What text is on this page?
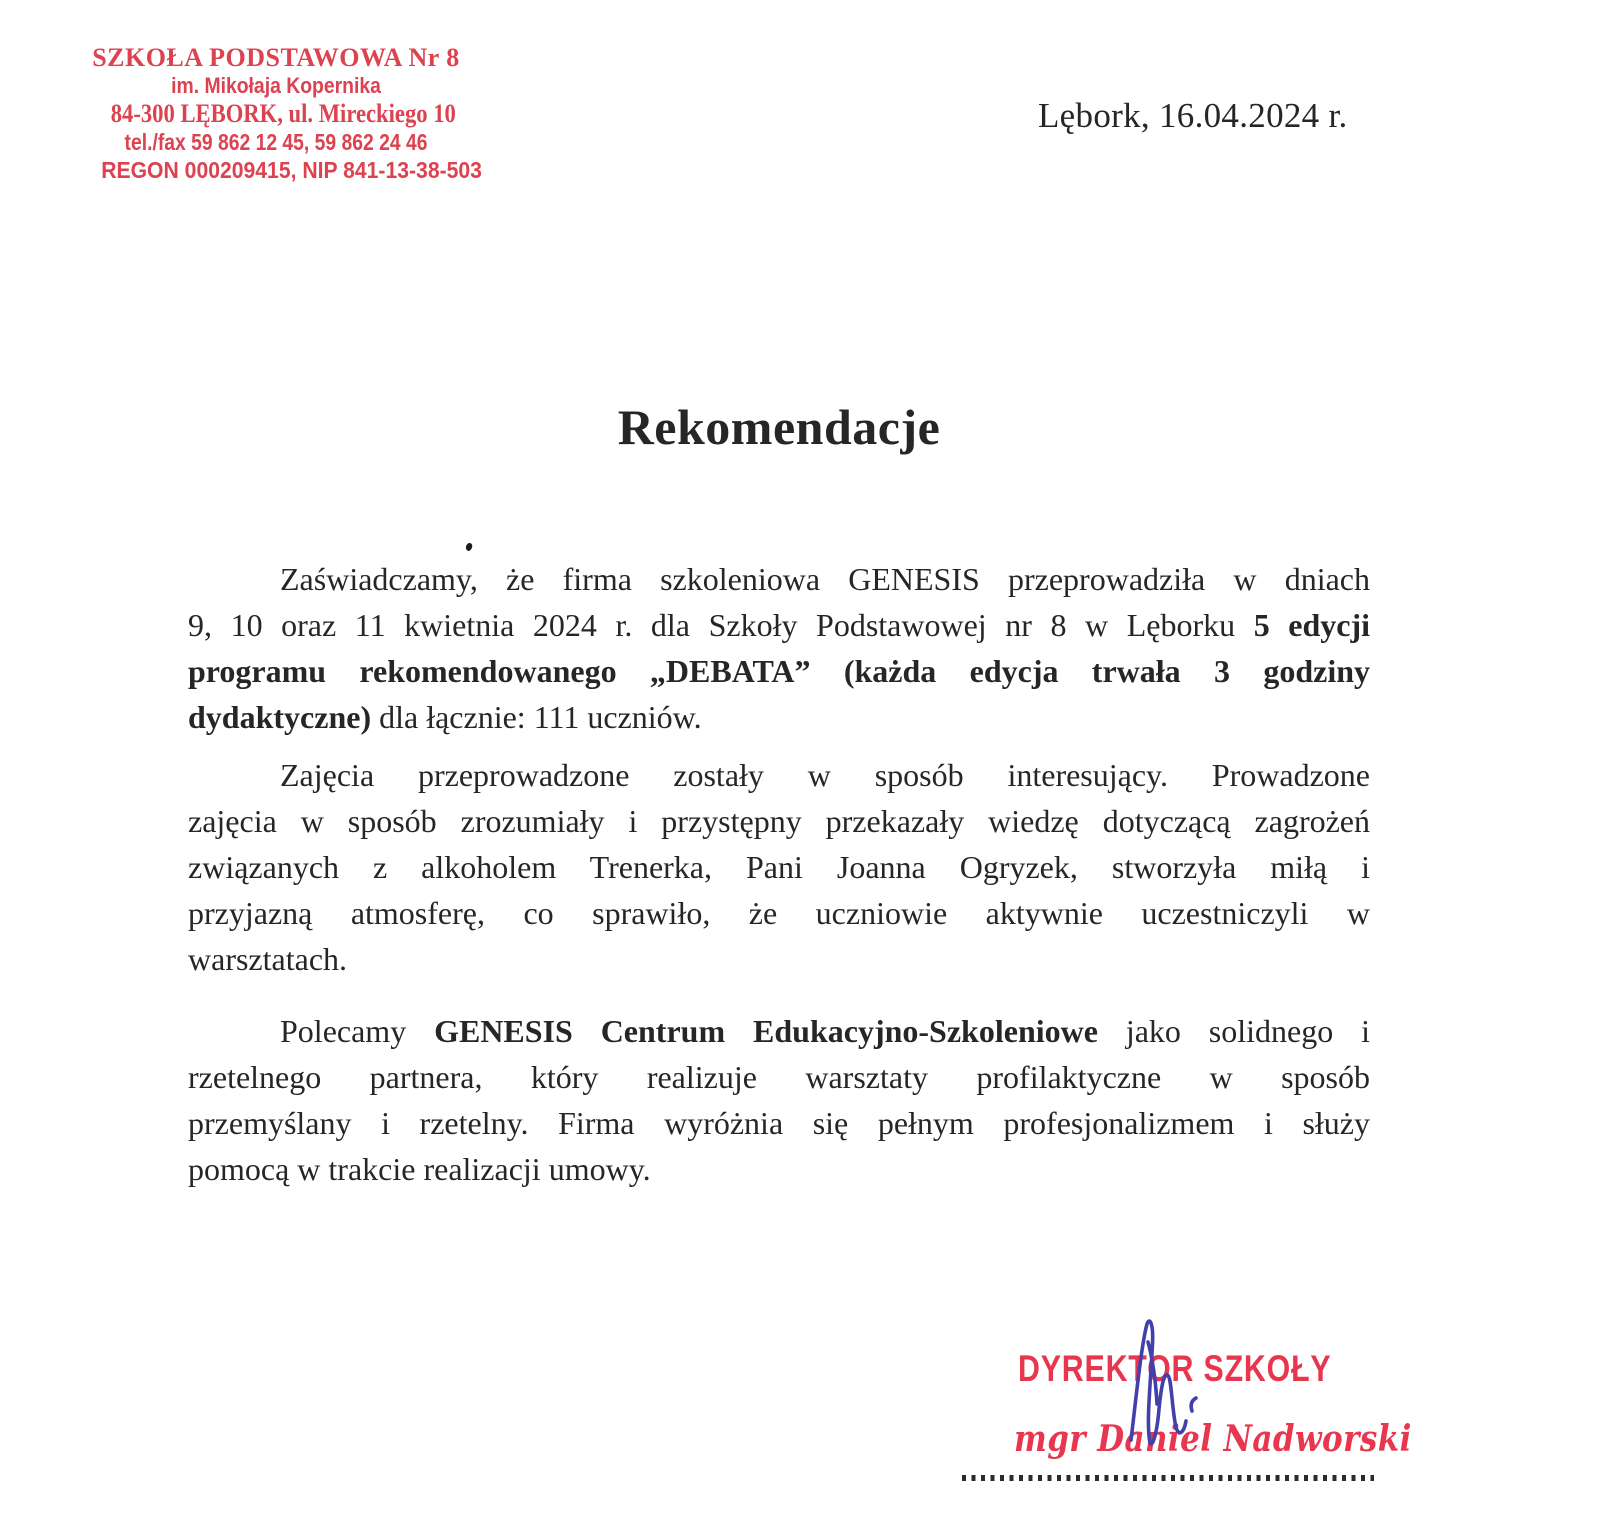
SZKOŁA PODSTAWOWA Nr 8
im. Mikołaja Kopernika
84-300 LĘBORK, ul. Mireckiego 10
tel./fax 59 862 12 45, 59 862 24 46
REGON 000209415, NIP 841-13-38-503
Lębork, 16.04.2024 r.
Rekomendacje
Zaświadczamy, że firma szkoleniowa GENESIS przeprowadziła w dniach
9, 10 oraz 11 kwietnia 2024 r. dla Szkoły Podstawowej nr 8 w Lęborku 5 edycji
programu rekomendowanego „DEBATA” (każda edycja trwała 3 godziny
dydaktyczne) dla łącznie: 111 uczniów.
Zajęcia przeprowadzone zostały w sposób interesujący. Prowadzone
zajęcia w sposób zrozumiały i przystępny przekazały wiedzę dotyczącą zagrożeń
związanych z alkoholem Trenerka, Pani Joanna Ogryzek, stworzyła miłą i
przyjazną atmosferę, co sprawiło, że uczniowie aktywnie uczestniczyli w
warsztatach.
Polecamy GENESIS Centrum Edukacyjno-Szkoleniowe jako solidnego i
rzetelnego partnera, który realizuje warsztaty profilaktyczne w sposób
przemyślany i rzetelny. Firma wyróżnia się pełnym profesjonalizmem i służy
pomocą w trakcie realizacji umowy.
DYREKTOR SZKOŁY
mgr Daniel Nadworski
